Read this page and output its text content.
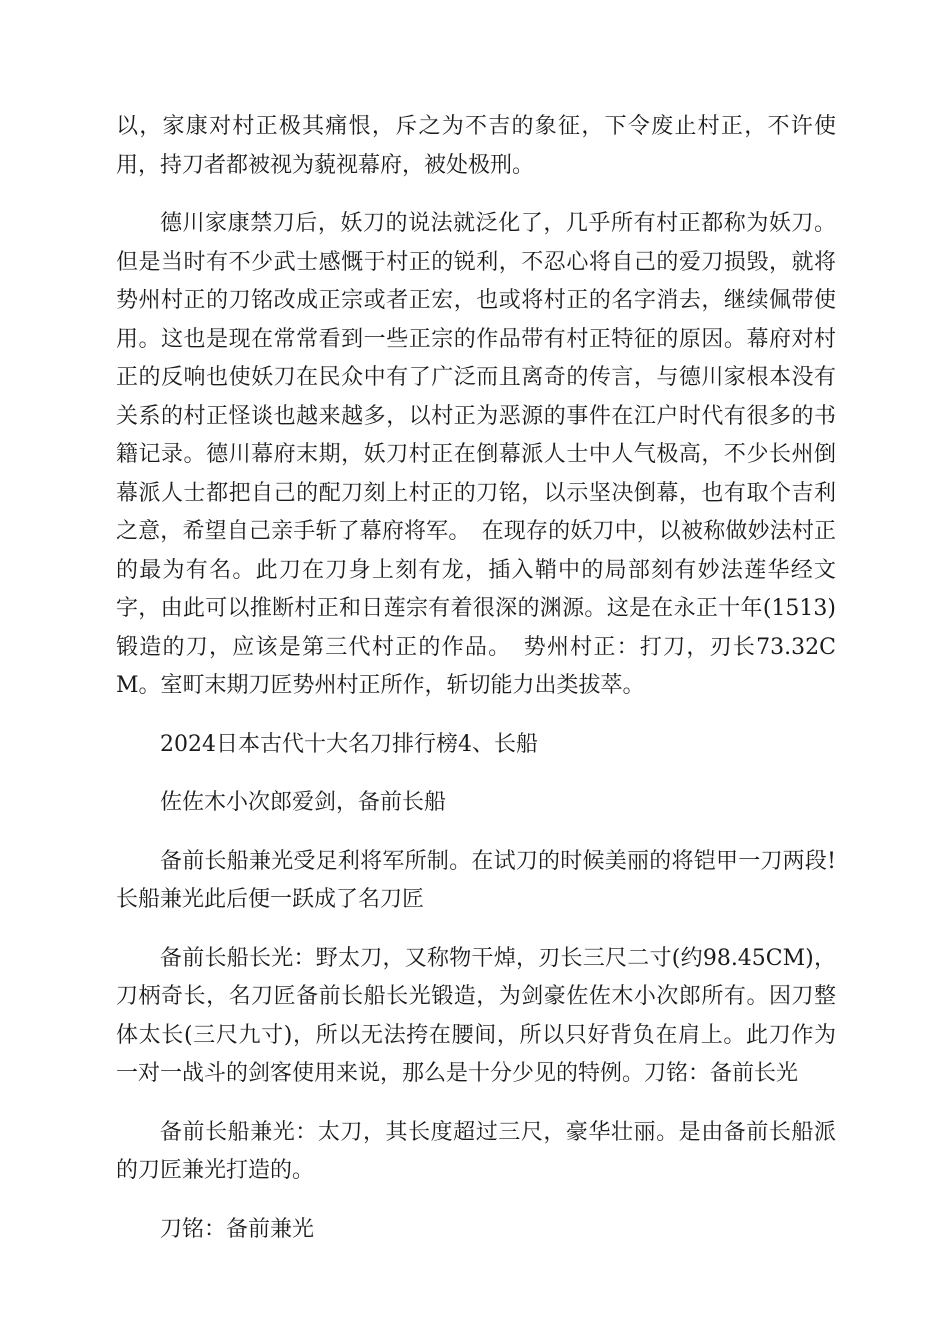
以，家康对村正极其痛恨，斥之为不吉的象征，下令废止村正，不许使用，持刀者都被视为藐视幕府，被处极刑。

德川家康禁刀后，妖刀的说法就泛化了，几乎所有村正都称为妖刀。但是当时有不少武士感慨于村正的锐利，不忍心将自己的爱刀损毁，就将势州村正的刀铭改成正宗或者正宏，也或将村正的名字消去，继续佩带使用。这也是现在常常看到一些正宗的作品带有村正特征的原因。幕府对村正的反响也使妖刀在民众中有了广泛而且离奇的传言，与德川家根本没有关系的村正怪谈也越来越多，以村正为恶源的事件在江户时代有很多的书籍记录。德川幕府末期，妖刀村正在倒幕派人士中人气极高，不少长州倒幕派人士都把自己的配刀刻上村正的刀铭，以示坚决倒幕，也有取个吉利之意，希望自己亲手斩了幕府将军。　在现存的妖刀中，以被称做妙法村正的最为有名。此刀在刀身上刻有龙，插入鞘中的局部刻有妙法莲华经文字，由此可以推断村正和日莲宗有着很深的渊源。这是在永正十年(1513)锻造的刀，应该是第三代村正的作品。　势州村正：打刀，刃长73.32CM。室町末期刀匠势州村正所作，斩切能力出类拔萃。

2024日本古代十大名刀排行榜4、长船

佐佐木小次郎爱剑，备前长船

备前长船兼光受足利将军所制。在试刀的时候美丽的将铠甲一刀两段!长船兼光此后便一跃成了名刀匠

备前长船长光：野太刀，又称物干焯，刃长三尺二寸(约98.45CM)，刀柄奇长，名刀匠备前长船长光锻造，为剑豪佐佐木小次郎所有。因刀整体太长(三尺九寸)，所以无法挎在腰间，所以只好背负在肩上。此刀作为一对一战斗的剑客使用来说，那么是十分少见的特例。刀铭：备前长光

备前长船兼光：太刀，其长度超过三尺，豪华壮丽。是由备前长船派的刀匠兼光打造的。

刀铭：备前兼光
